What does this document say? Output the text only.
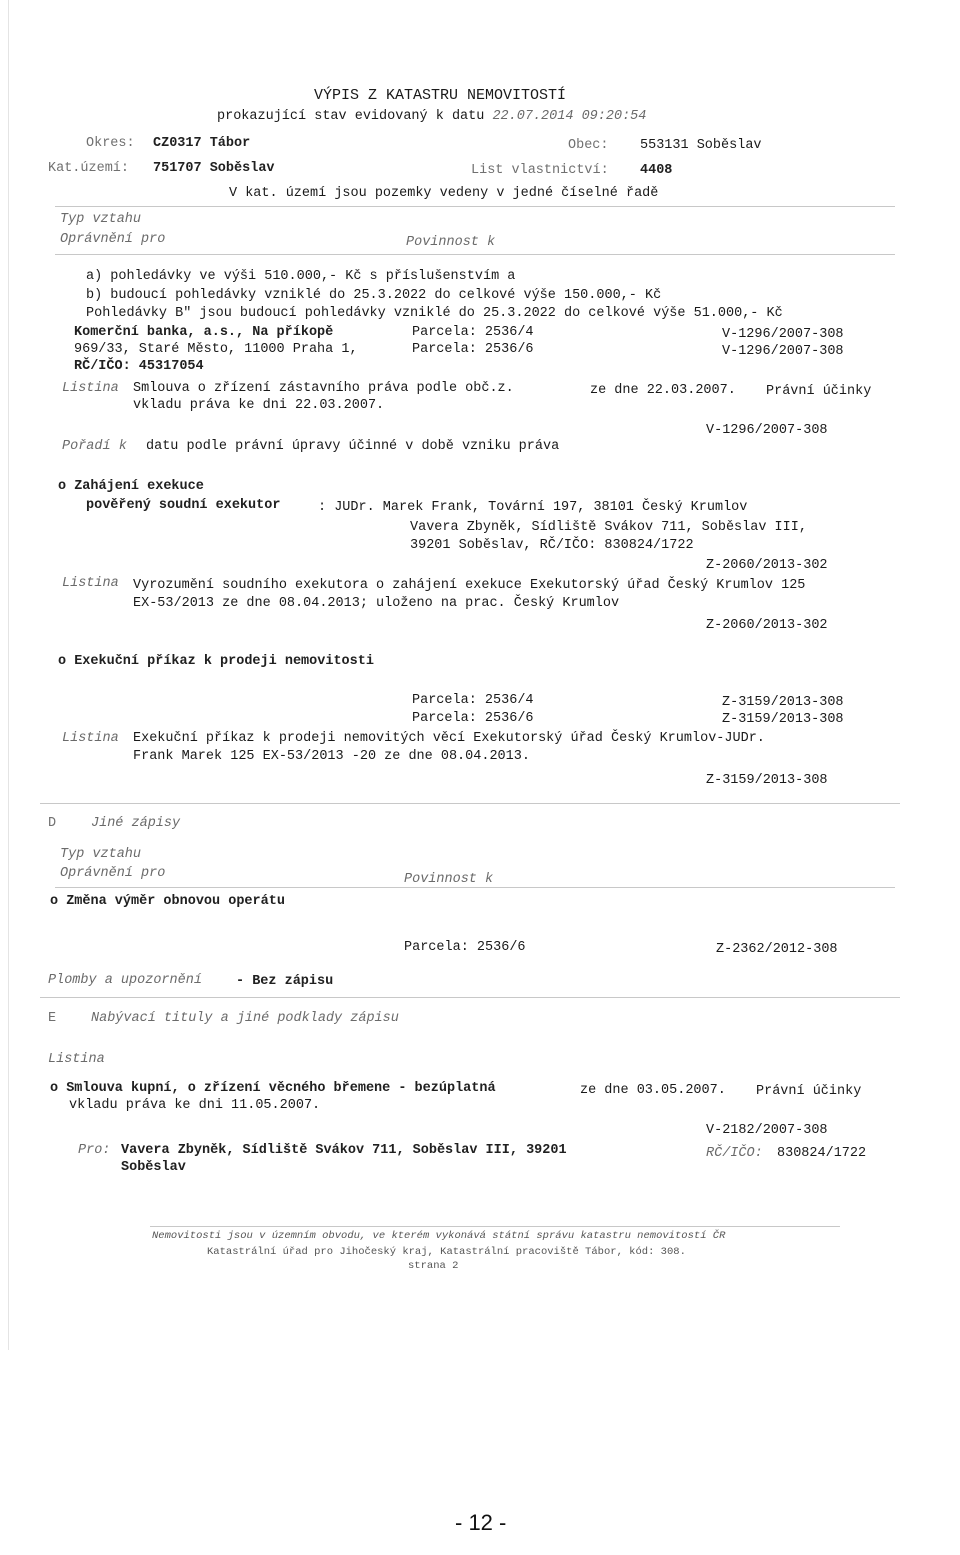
VÝPIS Z KATASTRU NEMOVITOSTÍ
prokazující stav evidovaný k datu 22.07.2014 09:20:54
Okres: CZ0317 Tábor	Obec: 553131 Soběslav
Kat.území: 751707 Soběslav	List vlastnictví: 4408
V kat. území jsou pozemky vedeny v jedné číselné řadě
Typ vztahu
Oprávnění pro	Povinnost k
a) pohledávky ve výši 510.000,- Kč s příslušenstvím a
b) budoucí pohledávky vzniklé do 25.3.2022 do celkové výše 150.000,- Kč
Pohledávky B" jsou budoucí pohledávky vzniklé do 25.3.2022 do celkové výše 51.000,- Kč
Komerční banka, a.s., Na příkopě	Parcela: 2536/4	V-1296/2007-308
969/33, Staré Město, 11000 Praha 1,	Parcela: 2536/6	V-1296/2007-308
RČ/IČO: 45317054
Listina Smlouva o zřízení zástavního práva podle obč.z.	ze dne 22.03.2007. Právní účinky
vkladu práva ke dni 22.03.2007.
V-1296/2007-308
Pořadí k datu podle právní úpravy účinné v době vzniku práva
o Zahájení exekuce
pověřený soudní exekutor	: JUDr. Marek Frank, Tovární 197, 38101 Český Krumlov
Vavera Zbyněk, Sídliště Svákov 711, Soběslav III,
39201 Soběslav, RČ/IČO: 830824/1722
Z-2060/2013-302
Listina Vyrozumění soudního exekutora o zahájení exekuce Exekutorský úřad Český Krumlov 125
EX-53/2013 ze dne 08.04.2013; uloženo na prac. Český Krumlov
Z-2060/2013-302
o Exekuční příkaz k prodeji nemovitosti
Parcela: 2536/4	Z-3159/2013-308
Parcela: 2536/6	Z-3159/2013-308
Listina Exekuční příkaz k prodeji nemovitých věcí Exekutorský úřad Český Krumlov-JUDr.
Frank Marek 125 EX-53/2013 -20 ze dne 08.04.2013.
Z-3159/2013-308
D	Jiné zápisy
Typ vztahu
Oprávnění pro	Povinnost k
o Změna výměr obnovou operátu
Parcela: 2536/6	Z-2362/2012-308
Plomby a upozornění	- Bez zápisu
E	Nabývací tituly a jiné podklady zápisu
Listina
o Smlouva kupní, o zřízení věcného břemene - bezúplatná	ze dne 03.05.2007. Právní účinky
vkladu práva ke dni 11.05.2007.
V-2182/2007-308
Pro: Vavera Zbyněk, Sídliště Svákov 711, Soběslav III, 39201	RČ/IČO: 830824/1722
Soběslav
Nemovitosti jsou v územním obvodu, ve kterém vykonává státní správu katastru nemovitostí ČR
Katastrální úřad pro Jihočeský kraj, Katastrální pracoviště Tábor, kód: 308.
strana 2
- 12 -
